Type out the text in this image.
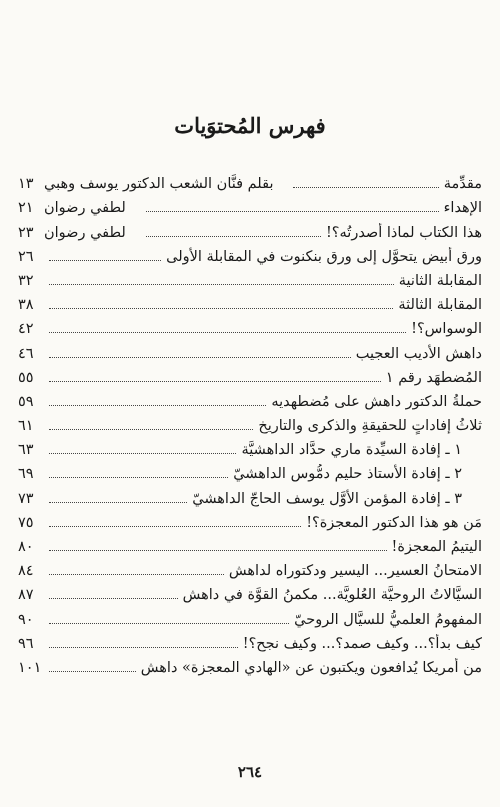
فهرس المُحتوَيات
مقدِّمة
بقلم فنَّان الشعب الدكتور يوسف وهبي
١٣
الإهداء
لطفي رضوان
٢١
هذا الكتاب لماذا أصدرتُه؟!
لطفي رضوان
٢٣
ورق أبيض يتحوَّل إلى ورق بنكنوت في المقابلة الأولى
٢٦
المقابلة الثانية
٣٢
المقابلة الثالثة
٣٨
الوسواس؟!
٤٢
داهش الأديب العجيب
٤٦
المُضطهَد رقم ١
٥٥
حملةُ الدكتور داهش على مُضطهديه
٥٩
ثلاثُ إفاداتٍ للحقيقةِ والذكرى والتاريخ
٦١
١ ـ إفادة السيِّدة ماري حدَّاد الداهشيَّة
٦٣
٢ ـ إفادة الأستاذ حليم دمُّوس الداهشيّ
٦٩
٣ ـ إفادة المؤمن الأوَّل يوسف الحاجّ الداهشيّ
٧٣
مَن هو هذا الدكتور المعجزة؟!
٧٥
اليتيمُ المعجزة!
٨٠
الامتحانُ العسير... اليسير ودكتوراه لداهش
٨٤
السيَّالاتُ الروحيَّة العُلويَّة... مكمنُ القوَّة في داهش
٨٧
المفهومُ العلميُّ للسيَّال الروحيّ
٩٠
كيف بدأ؟... وكيف صمد؟... وكيف نجح؟!
٩٦
من أمريكا يُدافعون ويكتبون عن «الهادي المعجزة» داهش
١٠١
٢٦٤
